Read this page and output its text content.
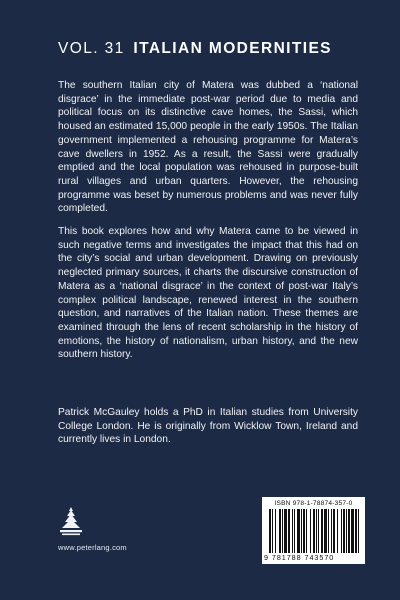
VOL. 31 ITALIAN MODERNITIES

The southern Italian city of Matera was dubbed a ‘national disgrace’ in the immediate post-war period due to media and political focus on its distinctive cave homes, the Sassi, which housed an estimated 15,000 people in the early 1950s. The Italian government implemented a rehousing programme for Matera’s cave dwellers in 1952. As a result, the Sassi were gradually emptied and the local population was rehoused in purpose-built rural villages and urban quarters. However, the rehousing programme was beset by numerous problems and was never fully completed.

This book explores how and why Matera came to be viewed in such negative terms and investigates the impact that this had on the city’s social and urban development. Drawing on previously neglected primary sources, it charts the discursive construction of Matera as a ‘national disgrace’ in the context of post-war Italy’s complex political landscape, renewed interest in the southern question, and narratives of the Italian nation. These themes are examined through the lens of recent scholarship in the history of emotions, the history of nationalism, urban history, and the new southern history.

Patrick McGauley holds a PhD in Italian studies from University College London. He is originally from Wicklow Town, Ireland and currently lives in London.

www.peterlang.com
ISBN 978-1-78874-357-0
9 781788 743570
